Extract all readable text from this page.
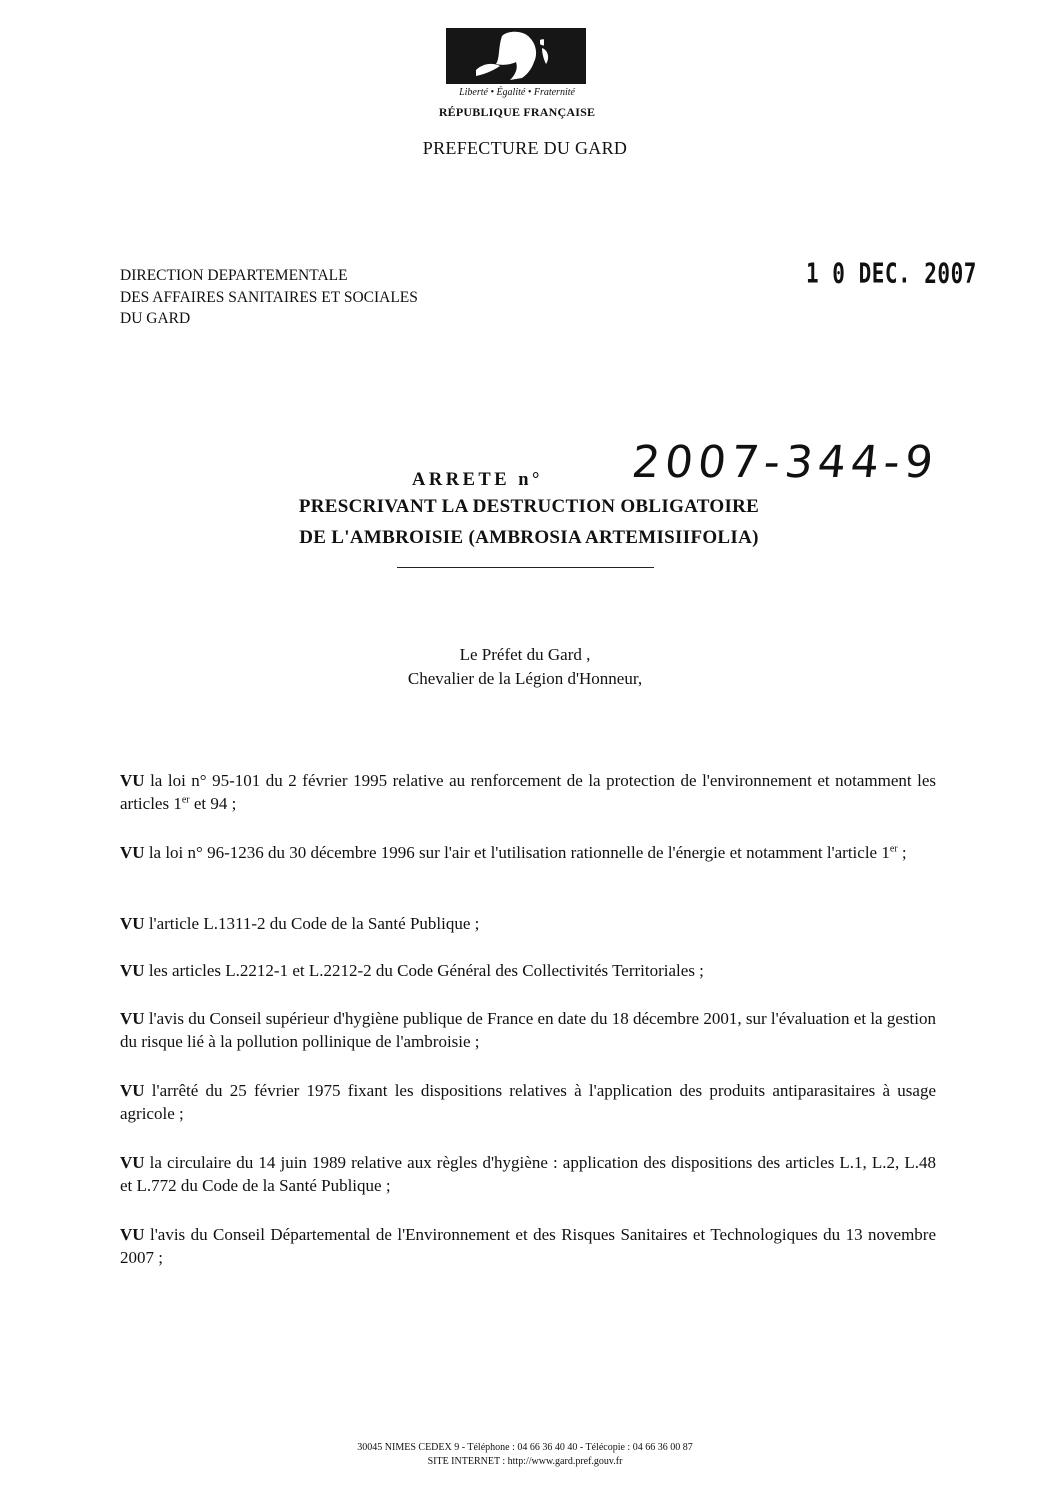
Liberté • Égalité • Fraternité
RÉPUBLIQUE FRANÇAISE
PREFECTURE DU GARD
DIRECTION DEPARTEMENTALE
DES AFFAIRES SANITAIRES ET SOCIALES
DU GARD
1 0 DEC. 2007
ARRETE n° 2007-344-9
PRESCRIVANT LA DESTRUCTION OBLIGATOIRE
DE L'AMBROISIE (AMBROSIA ARTEMISIIFOLIA)
Le Préfet du Gard ,
Chevalier de la Légion d'Honneur,
VU la loi n° 95-101 du 2 février 1995 relative au renforcement de la protection de l'environnement et notamment les articles 1er et 94 ;
VU la loi n° 96-1236 du 30 décembre 1996 sur l'air et l'utilisation rationnelle de l'énergie et notamment l'article 1er ;
VU l'article L.1311-2 du Code de la Santé Publique ;
VU les articles L.2212-1 et L.2212-2 du Code Général des Collectivités Territoriales ;
VU l'avis du Conseil supérieur d'hygiène publique de France en date du 18 décembre 2001, sur l'évaluation et la gestion du risque lié à la pollution pollinique de l'ambroisie ;
VU l'arrêté du 25 février 1975 fixant les dispositions relatives à l'application des produits antiparasitaires à usage agricole ;
VU la circulaire du 14 juin 1989 relative aux règles d'hygiène : application des dispositions des articles L.1, L.2, L.48 et L.772 du Code de la Santé Publique ;
VU l'avis du Conseil Départemental de l'Environnement et des Risques Sanitaires et Technologiques du 13 novembre 2007 ;
30045 NIMES CEDEX 9 - Téléphone : 04 66 36 40 40 - Télécopie : 04 66 36 00 87
SITE INTERNET : http://www.gard.pref.gouv.fr
